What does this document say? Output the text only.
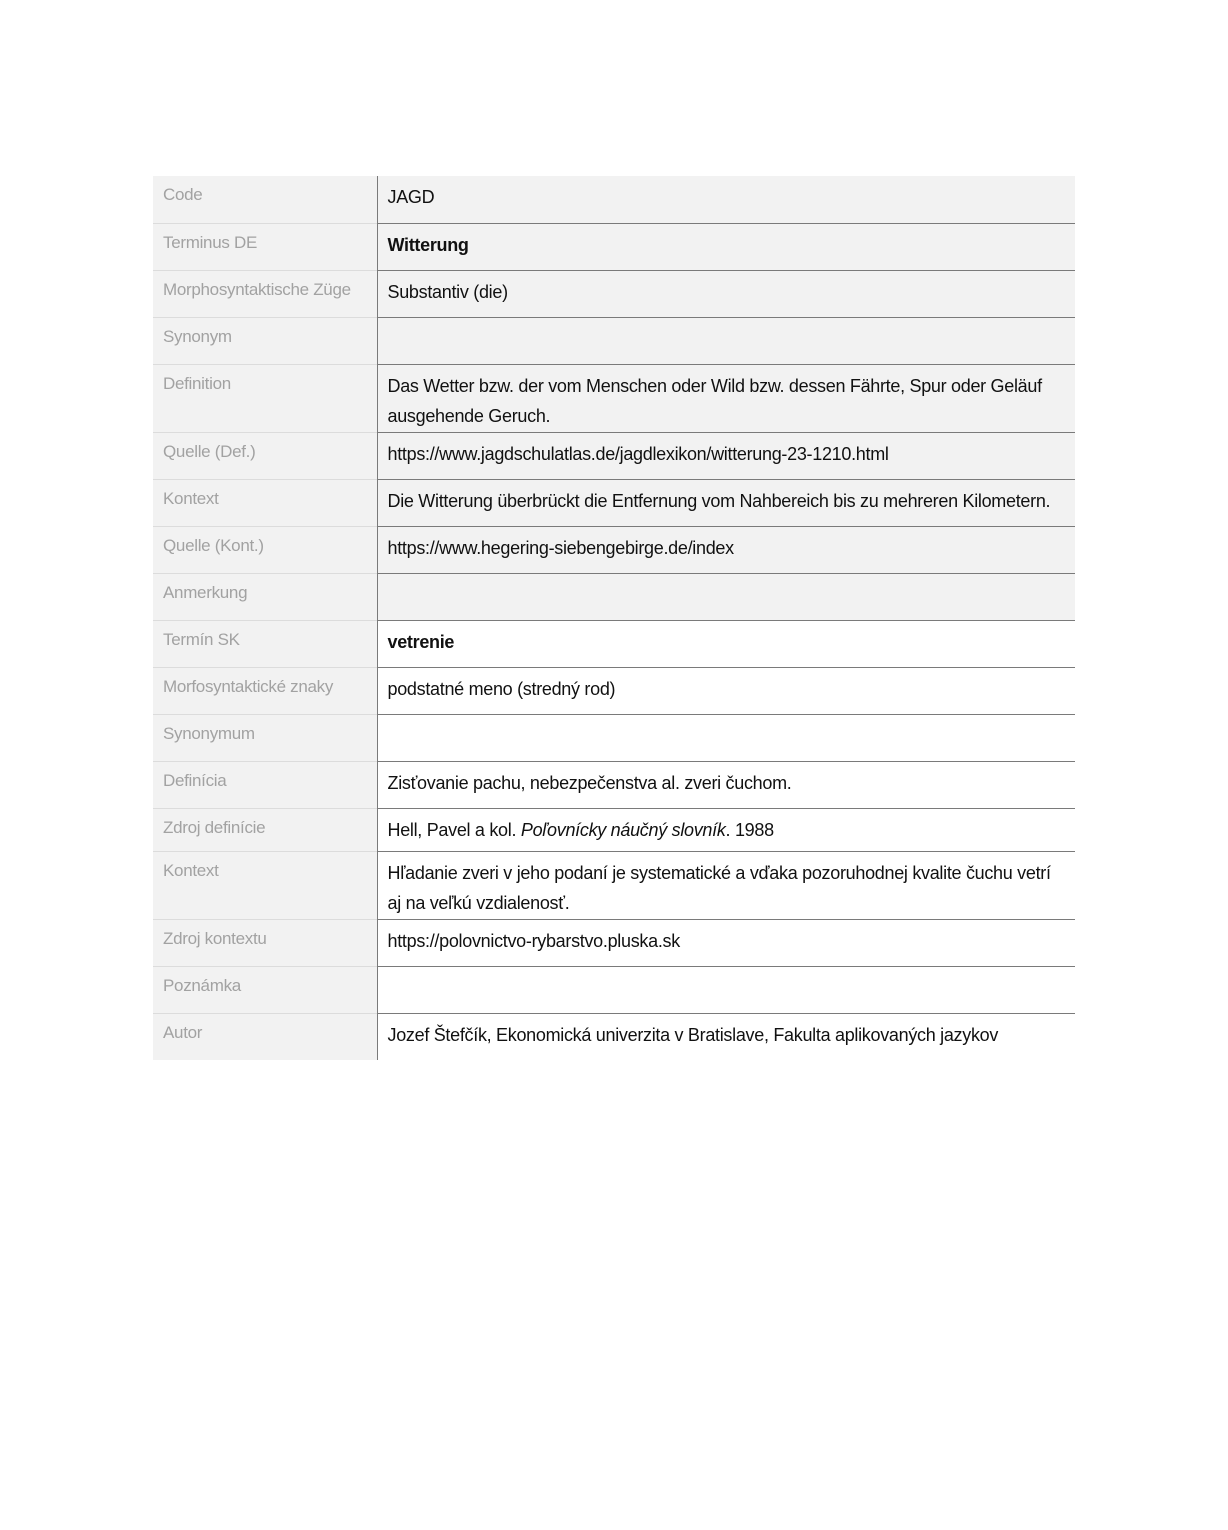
Code	JAGD
Terminus DE	Witterung
Morphosyntaktische Züge	Substantiv (die)
Synonym	
Definition	Das Wetter bzw. der vom Menschen oder Wild bzw. dessen Fährte, Spur oder Geläuf ausgehende Geruch.
Quelle (Def.)	https://www.jagdschulatlas.de/jagdlexikon/witterung-23-1210.html
Kontext	Die Witterung überbrückt die Entfernung vom Nahbereich bis zu mehreren Kilometern.
Quelle (Kont.)	https://www.hegering-siebengebirge.de/index
Anmerkung	
Termín SK	vetrenie
Morfosyntaktické znaky	podstatné meno (stredný rod)
Synonymum	
Definícia	Zisťovanie pachu, nebezpečenstva al. zveri čuchom.
Zdroj definície	Hell, Pavel a kol. Poľovnícky náučný slovník. 1988
Kontext	Hľadanie zveri v jeho podaní je systematické a vďaka pozoruhodnej kvalite čuchu vetrí aj na veľkú vzdialenosť.
Zdroj kontextu	https://polovnictvo-rybarstvo.pluska.sk
Poznámka	
Autor	Jozef Štefčík, Ekonomická univerzita v Bratislave, Fakulta aplikovaných jazykov
